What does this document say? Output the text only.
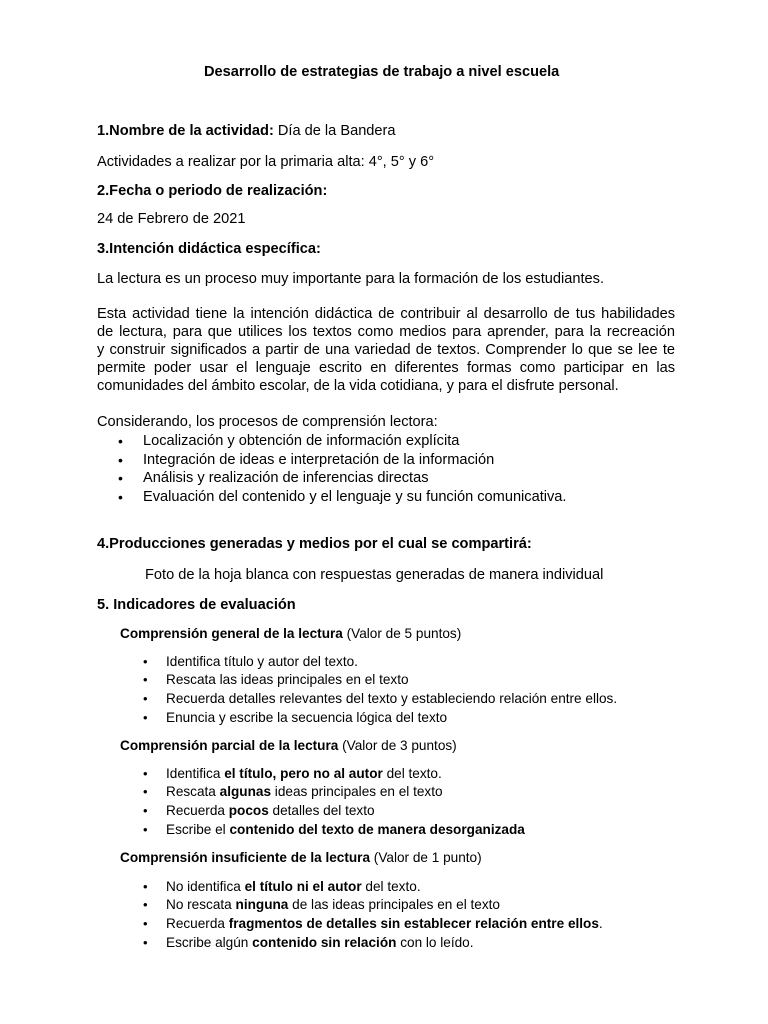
Desarrollo de estrategias de trabajo a nivel escuela
1.Nombre de la actividad: Día de la Bandera
Actividades a realizar por la primaria alta: 4°, 5° y 6°
2.Fecha o periodo de realización:
24 de Febrero de 2021
3.Intención didáctica específica:
La lectura es un proceso muy importante para la formación de los estudiantes.
Esta actividad tiene la intención didáctica de contribuir al desarrollo de tus habilidades
de lectura, para que utilices los textos como medios para aprender, para la recreación
y construir significados a partir de una variedad de textos. Comprender lo que se lee te
permite poder usar el lenguaje escrito en diferentes formas como participar en las
comunidades del ámbito escolar, de la vida cotidiana, y para el disfrute personal.
Considerando, los procesos de comprensión lectora:
• Localización y obtención de información explícita
• Integración de ideas e interpretación de la información
• Análisis y realización de inferencias directas
• Evaluación del contenido y el lenguaje y su función comunicativa.
4.Producciones generadas y medios por el cual se compartirá:
Foto de la hoja blanca con respuestas generadas de manera individual
5. Indicadores de evaluación
Comprensión general de la lectura (Valor de 5 puntos)
• Identifica título y autor del texto.
• Rescata las ideas principales en el texto
• Recuerda detalles relevantes del texto y estableciendo relación entre ellos.
• Enuncia y escribe la secuencia lógica del texto
Comprensión parcial de la lectura (Valor de 3 puntos)
• Identifica el título, pero no al autor del texto.
• Rescata algunas ideas principales en el texto
• Recuerda pocos detalles del texto
• Escribe el contenido del texto de manera desorganizada
Comprensión insuficiente de la lectura (Valor de 1 punto)
• No identifica el título ni el autor del texto.
• No rescata ninguna de las ideas principales en el texto
• Recuerda fragmentos de detalles sin establecer relación entre ellos.
• Escribe algún contenido sin relación con lo leído.
